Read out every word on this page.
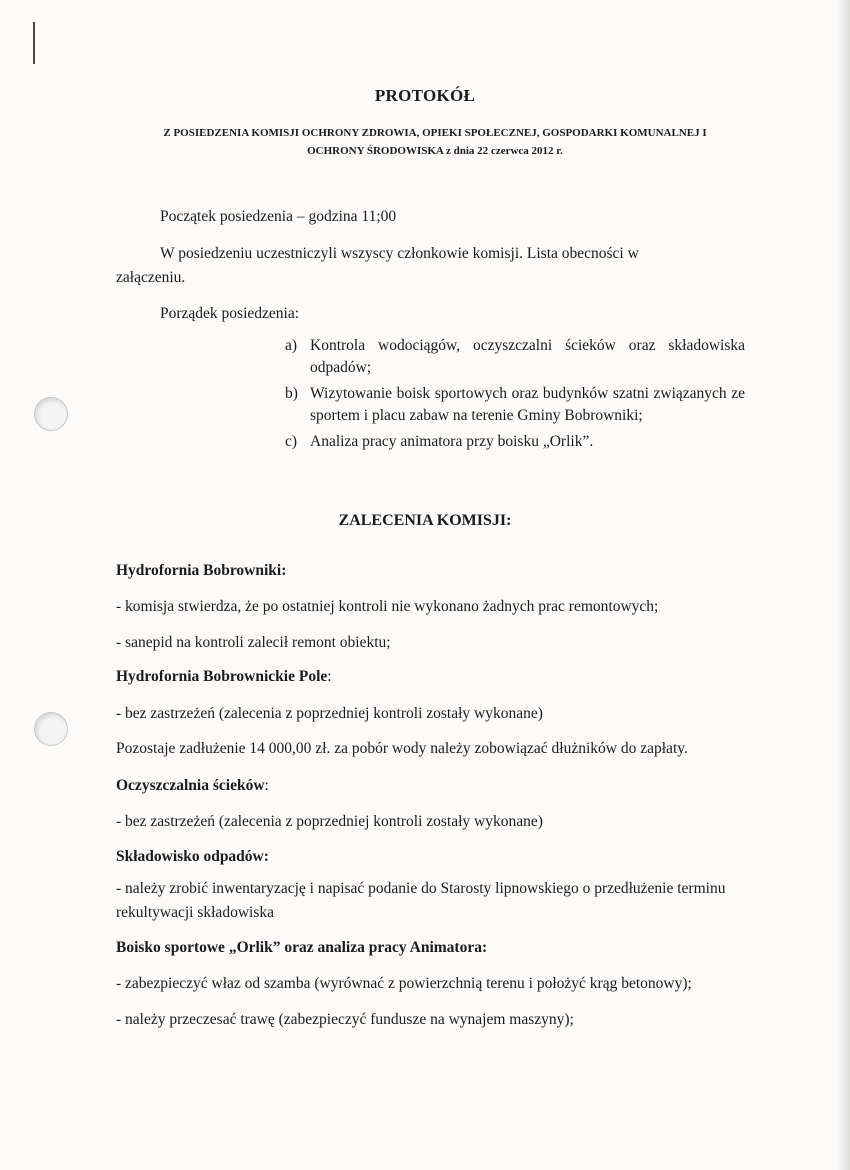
PROTOKÓŁ
Z POSIEDZENIA KOMISJI OCHRONY ZDROWIA, OPIEKI SPOŁECZNEJ, GOSPODARKI KOMUNALNEJ I
OCHRONY ŚRODOWISKA z dnia 22 czerwca 2012 r.
Początek posiedzenia – godzina 11;00
W posiedzeniu uczestniczyli wszyscy członkowie komisji. Lista obecności w
załączeniu.
Porządek posiedzenia:
a) Kontrola wodociągów, oczyszczalni ścieków oraz składowiska odpadów;
b) Wizytowanie boisk sportowych oraz budynków szatni związanych ze sportem i placu zabaw na terenie Gminy Bobrowniki;
c) Analiza pracy animatora przy boisku „Orlik”.
ZALECENIA KOMISJI:
Hydrofornia Bobrowniki:
- komisja stwierdza, że po ostatniej kontroli nie wykonano żadnych prac remontowych;
- sanepid na kontroli zalecił remont obiektu;
Hydrofornia Bobrownickie Pole:
- bez zastrzeżeń (zalecenia z poprzedniej kontroli zostały wykonane)
Pozostaje zadłużenie 14 000,00 zł. za pobór wody należy zobowiązać dłużników do zapłaty.
Oczyszczalnia ścieków:
- bez zastrzeżeń (zalecenia z poprzedniej kontroli zostały wykonane)
Składowisko odpadów:
- należy zrobić inwentaryzację i napisać podanie do Starosty lipnowskiego o przedłużenie terminu rekultywacji składowiska
Boisko sportowe „Orlik” oraz analiza pracy Animatora:
- zabezpieczyć właz od szamba (wyrównać z powierzchnią terenu i położyć krąg betonowy);
- należy przeczesać trawę (zabezpieczyć fundusze na wynajem maszyny);
